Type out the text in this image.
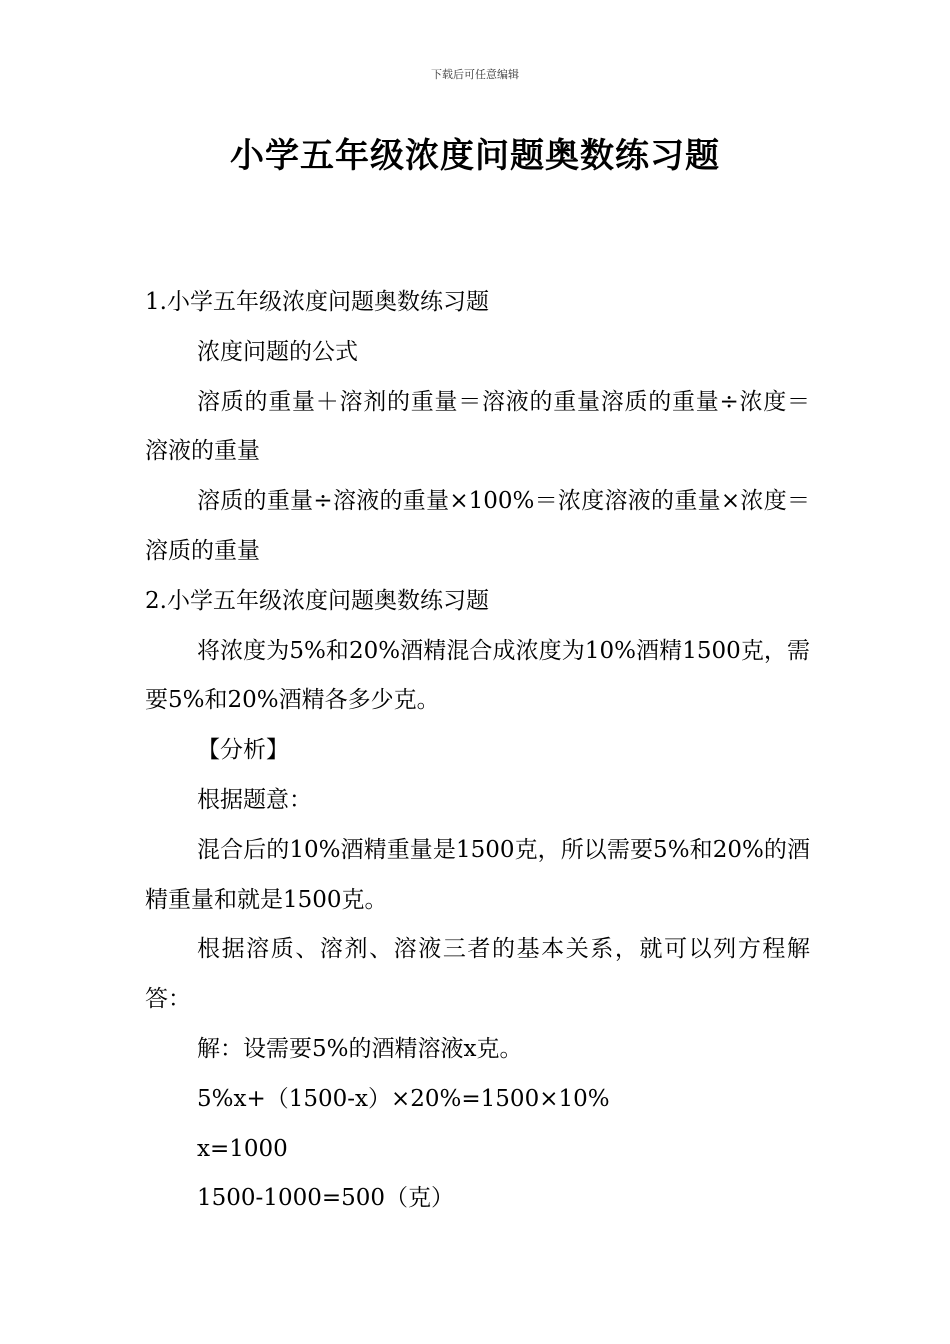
下载后可任意编辑
小学五年级浓度问题奥数练习题

1.小学五年级浓度问题奥数练习题

浓度问题的公式

溶质的重量＋溶剂的重量＝溶液的重量溶质的重量÷浓度＝溶液的重量

溶质的重量÷溶液的重量×100%＝浓度溶液的重量×浓度＝溶质的重量

2.小学五年级浓度问题奥数练习题

将浓度为5%和20%酒精混合成浓度为10%酒精1500克，需要5%和20%酒精各多少克。

【分析】

根据题意：

混合后的10%酒精重量是1500克，所以需要5%和20%的酒精重量和就是1500克。

根据溶质、溶剂、溶液三者的基本关系，就可以列方程解答：

解：设需要5%的酒精溶液x克。

5%x+（1500-x）×20%=1500×10%

x=1000

1500-1000=500（克）
